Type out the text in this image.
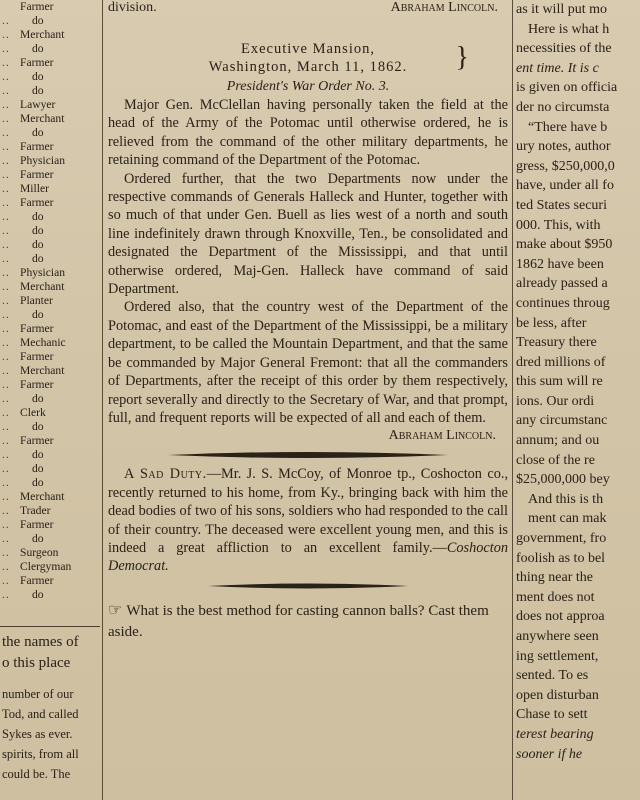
Farmer
..	do
.. Merchant
..	do
.. Farmer
..	do
..	do
.. Lawyer
.. Merchant
..	do
.. Farmer
.. Physician
.. Farmer
.. Miller
.. Farmer
..	do
..	do
..	do
..	do
.. Physician
.. Merchant
.. Planter
..	do
.. Farmer
.. Mechanic
.. Farmer
.. Merchant
.. Farmer
..	do
.. Clerk
..	do
.. Farmer
..	do
..	do
..	do
.. Merchant
.. Trader
.. Farmer
..	do
.. Surgeon
.. Clergyman
.. Farmer
..	do
the names of
o this place
number of our
Tod, and called
Sykes as ever.
spirits, from all
could be. The
division.	Abraham Lincoln.
Executive Mansion,
Washington, March 11, 1862.	}
President's War Order No. 3.

Major Gen. McClellan having personally taken the field at the head of the Army of the Potomac until otherwise ordered, he is relieved from the command of the other military departments, he retaining command of the Department of the Potomac.

Ordered further, that the two Departments now under the respective commands of Generals Halleck and Hunter, together with so much of that under Gen. Buell as lies west of a north and south line indefinitely drawn through Knoxville, Ten., be consolidated and designated the Department of the Mississippi, and that until otherwise ordered, Maj-Gen. Halleck have command of said Department.

Ordered also, that the country west of the Department of the Potomac, and east of the Department of the Mississippi, be a military department, to be called the Mountain Department, and that the same be commanded by Major General Fremont: that all the commanders of Departments, after the receipt of this order by them respectively, report severally and directly to the Secretary of War, and that prompt, full, and frequent reports will be expected of all and each of them.

Abraham Lincoln.

A Sad Duty.—Mr. J. S. McCoy, of Monroe tp., Coshocton co., recently returned to his home, from Ky., bringing back with him the dead bodies of two of his sons, soldiers who had responded to the call of their country. The deceased were excellent young men, and this is indeed a great affliction to an excellent family.—Coshocton Democrat.

☞ What is the best method for casting cannon balls? Cast them aside.
as it will put mo
Here is what h
necessities of the
ent time. It is c
is given on officia
der no circumsta
“There have b
ury notes, author
gress, $250,000,0
have, under all fo
ted States securi
000. This, with
make about $950
1862 have been
already passed a
continues throug
be less, after
Treasury there
dred millions of
this sum will re
ions. Our ordi
any circumstanc
annum; and ou
close of the re
$25,000,000 bey
And this is th
ment can mak
government, fro
foolish as to bel
thing near the
ment does not
does not approa
anywhere seen
ing settlement,
sented. To es
open disturban
Chase to sett
terest bearing
sooner if he
